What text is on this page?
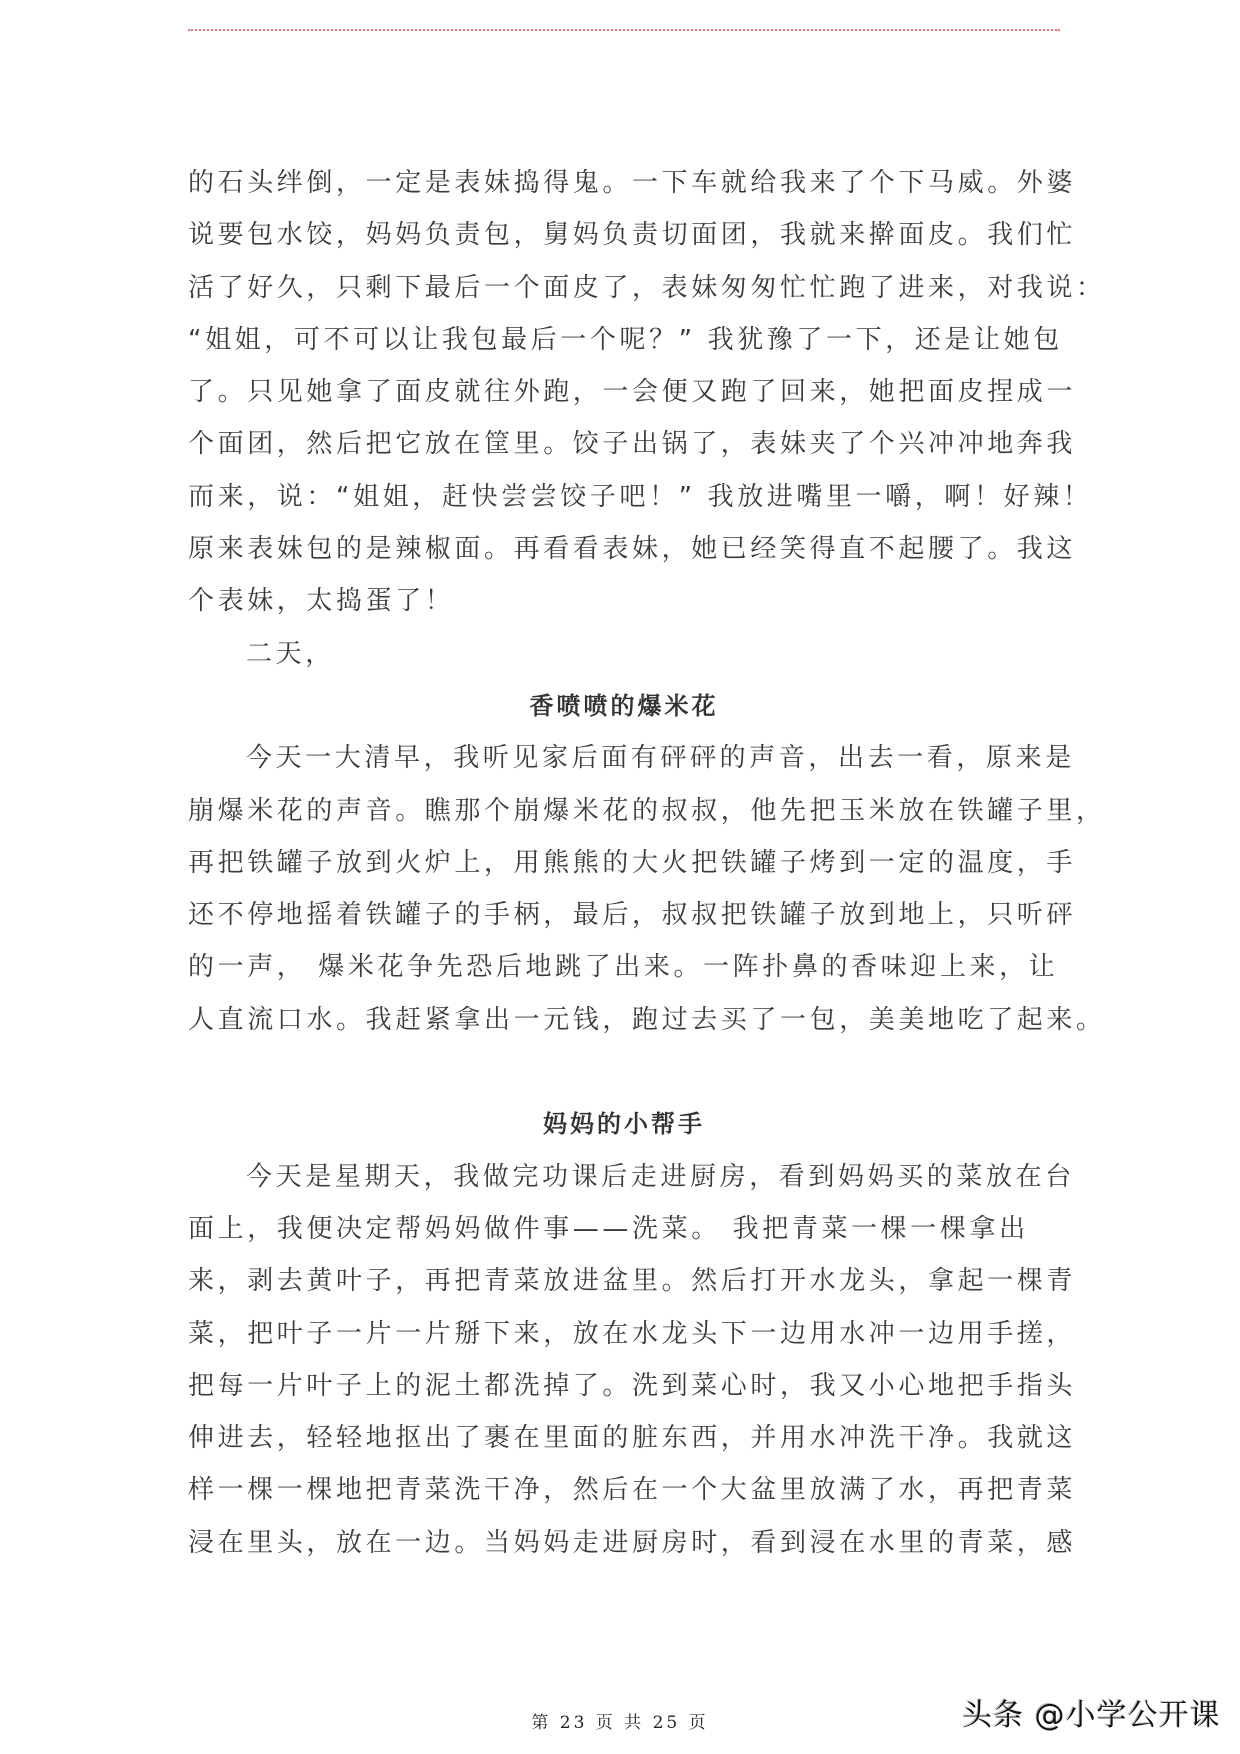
的石头绊倒，一定是表妹捣得鬼。一下车就给我来了个下马威。外婆
说要包水饺，妈妈负责包，舅妈负责切面团，我就来擀面皮。我们忙
活了好久，只剩下最后一个面皮了，表妹匆匆忙忙跑了进来，对我说：
“姐姐，可不可以让我包最后一个呢？” 我犹豫了一下，还是让她包
了。只见她拿了面皮就往外跑，一会便又跑了回来，她把面皮捏成一
个面团，然后把它放在筐里。饺子出锅了，表妹夹了个兴冲冲地奔我
而来，说：“姐姐，赶快尝尝饺子吧！” 我放进嘴里一嚼，啊！好辣！
原来表妹包的是辣椒面。再看看表妹，她已经笑得直不起腰了。我这
个表妹，太捣蛋了！
二天，
香喷喷的爆米花
今天一大清早，我听见家后面有砰砰的声音，出去一看，原来是
崩爆米花的声音。瞧那个崩爆米花的叔叔，他先把玉米放在铁罐子里，
再把铁罐子放到火炉上，用熊熊的大火把铁罐子烤到一定的温度，手
还不停地摇着铁罐子的手柄，最后，叔叔把铁罐子放到地上，只听砰
的一声， 爆米花争先恐后地跳了出来。一阵扑鼻的香味迎上来，让
人直流口水。我赶紧拿出一元钱，跑过去买了一包，美美地吃了起来。
妈妈的小帮手
今天是星期天，我做完功课后走进厨房，看到妈妈买的菜放在台
面上，我便决定帮妈妈做件事——洗菜。 我把青菜一棵一棵拿出
来，剥去黄叶子，再把青菜放进盆里。然后打开水龙头，拿起一棵青
菜，把叶子一片一片掰下来，放在水龙头下一边用水冲一边用手搓，
把每一片叶子上的泥土都洗掉了。洗到菜心时，我又小心地把手指头
伸进去，轻轻地抠出了裹在里面的脏东西，并用水冲洗干净。我就这
样一棵一棵地把青菜洗干净，然后在一个大盆里放满了水，再把青菜
浸在里头，放在一边。当妈妈走进厨房时，看到浸在水里的青菜，感
第 23 页 共 25 页	头条 @小学公开课
